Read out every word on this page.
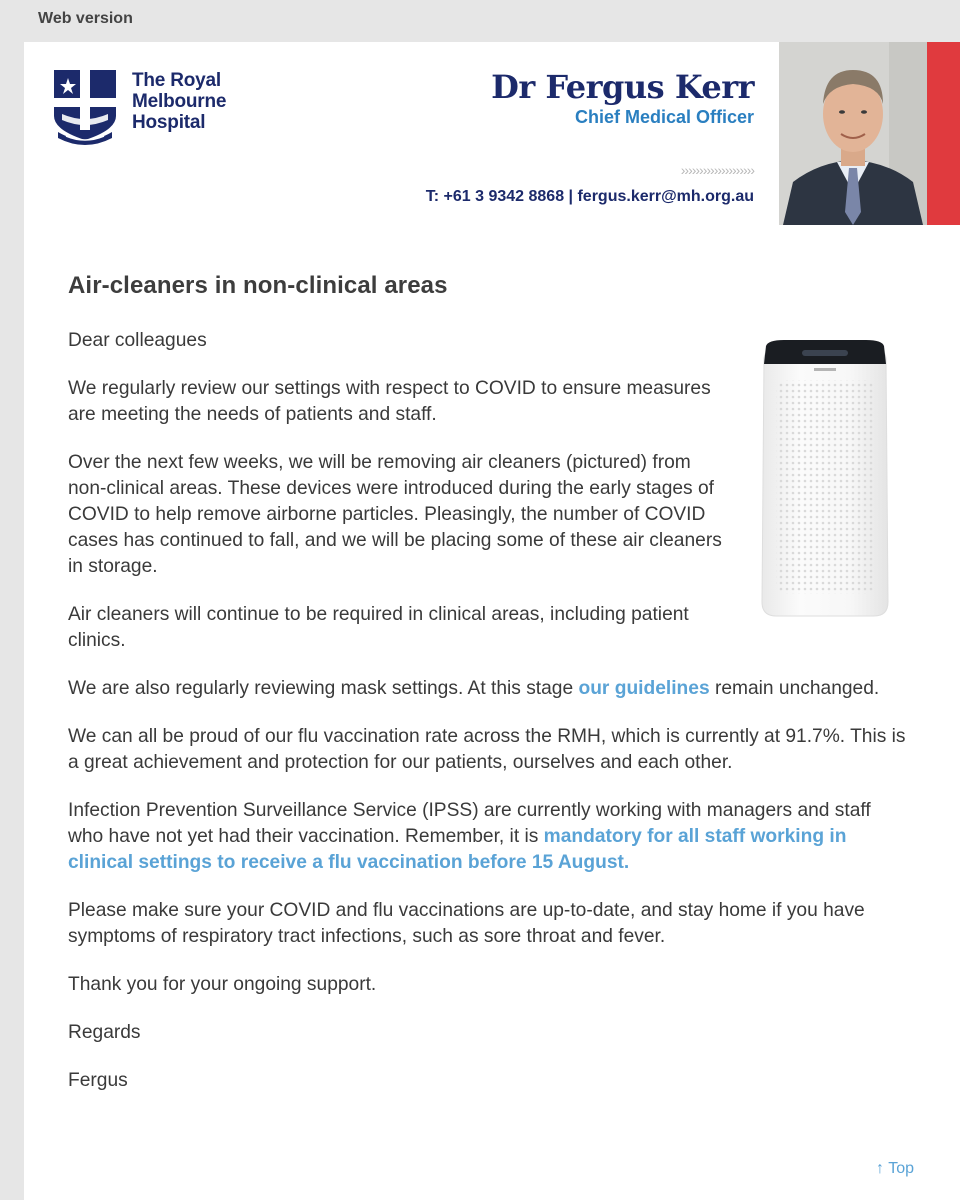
Web version
The Royal
Melbourne
Hospital
Dr Fergus Kerr
Chief Medical Officer
››››››››››››››››››››
T: +61 3 9342 8868 | fergus.kerr@mh.org.au
Air-cleaners in non-clinical areas

Dear colleagues

We regularly review our settings with respect to COVID to ensure measures are meeting the needs of patients and staff.

Over the next few weeks, we will be removing air cleaners (pictured) from non-clinical areas. These devices were introduced during the early stages of COVID to help remove airborne particles. Pleasingly, the number of COVID cases has continued to fall, and we will be placing some of these air cleaners in storage.

Air cleaners will continue to be required in clinical areas, including patient clinics.

We are also regularly reviewing mask settings. At this stage our guidelines remain unchanged.

We can all be proud of our flu vaccination rate across the RMH, which is currently at 91.7%. This is a great achievement and protection for our patients, ourselves and each other.

Infection Prevention Surveillance Service (IPSS) are currently working with managers and staff who have not yet had their vaccination. Remember, it is mandatory for all staff working in clinical settings to receive a flu vaccination before 15 August.

Please make sure your COVID and flu vaccinations are up-to-date, and stay home if you have symptoms of respiratory tract infections, such as sore throat and fever.

Thank you for your ongoing support.

Regards

Fergus

↑ Top
